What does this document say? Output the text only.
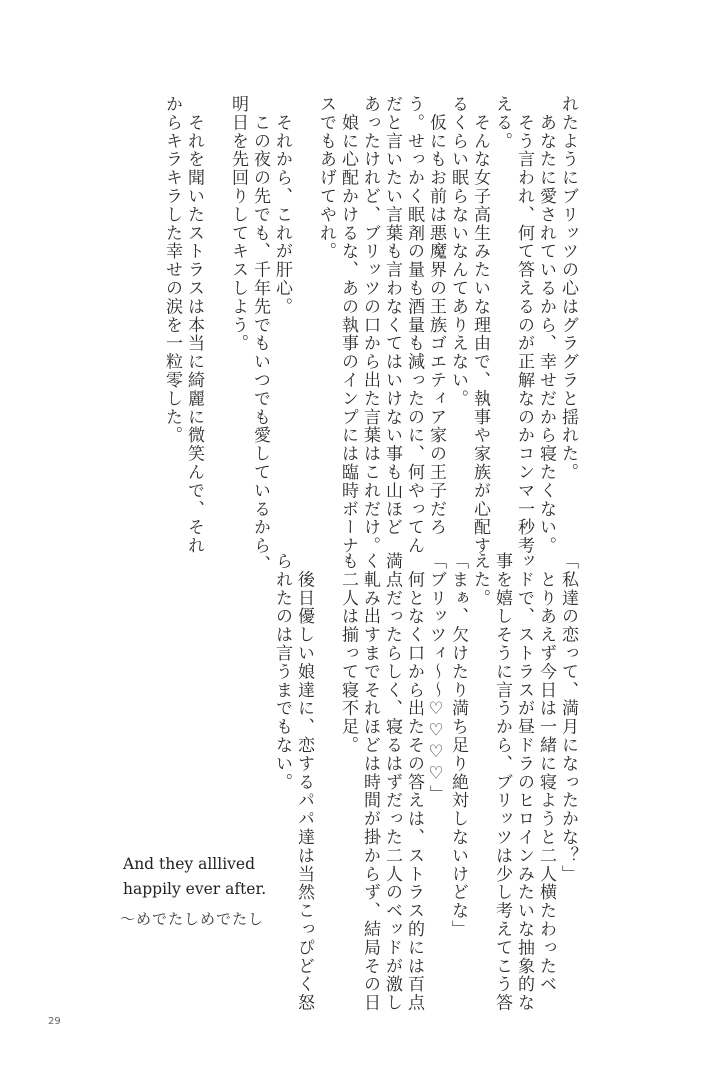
れたようにブリッツの心はグラグラと揺れた。
　あなたに愛されているから、幸せだから寝たくない。
　そう言われ、何て答えるのが正解なのかコンマ一秒考
える。
　そんな女子高生みたいな理由で、執事や家族が心配す
るくらい眠らないなんてありえない。
　仮にもお前は悪魔界の王族ゴエティア家の王子だろ
う。せっかく眠剤の量も酒量も減ったのに、何やってん
だと言いたい言葉も言わなくてはいけない事も山ほど
あったけれど、ブリッツの口から出た言葉はこれだけ。
　娘に心配かけるな、あの執事のインプには臨時ボーナ
スでもあげてやれ。
　それから、これが肝心。
　この夜の先でも、千年先でもいつでも愛しているから、
明日を先回りしてキスしよう。
　それを聞いたストラスは本当に綺麗に微笑んで、それ
からキラキラした幸せの涙を一粒零した。
「私達の恋って、満月になったかな？」
　とりあえず今日は一緒に寝ようと二人横たわったベ
ッドで、ストラスが昼ドラのヒロインみたいな抽象的な
事を嬉しそうに言うから、ブリッツは少し考えてこう答
えた。
「まぁ、欠けたり満ち足り絶対しないけどな」
「ブリッツィ〜〜♡♡♡♡」
　何となく口から出たその答えは、ストラス的には百点
満点だったらしく、寝るはずだった二人のベッドが激し
く軋み出すまでそれほどは時間が掛からず、結局その日
も二人は揃って寝不足。
　後日優しい娘達に、恋するパパ達は当然こっぴどく怒
られたのは言うまでもない。
And they alllived
happily ever after.
〜めでたしめでたし
29
